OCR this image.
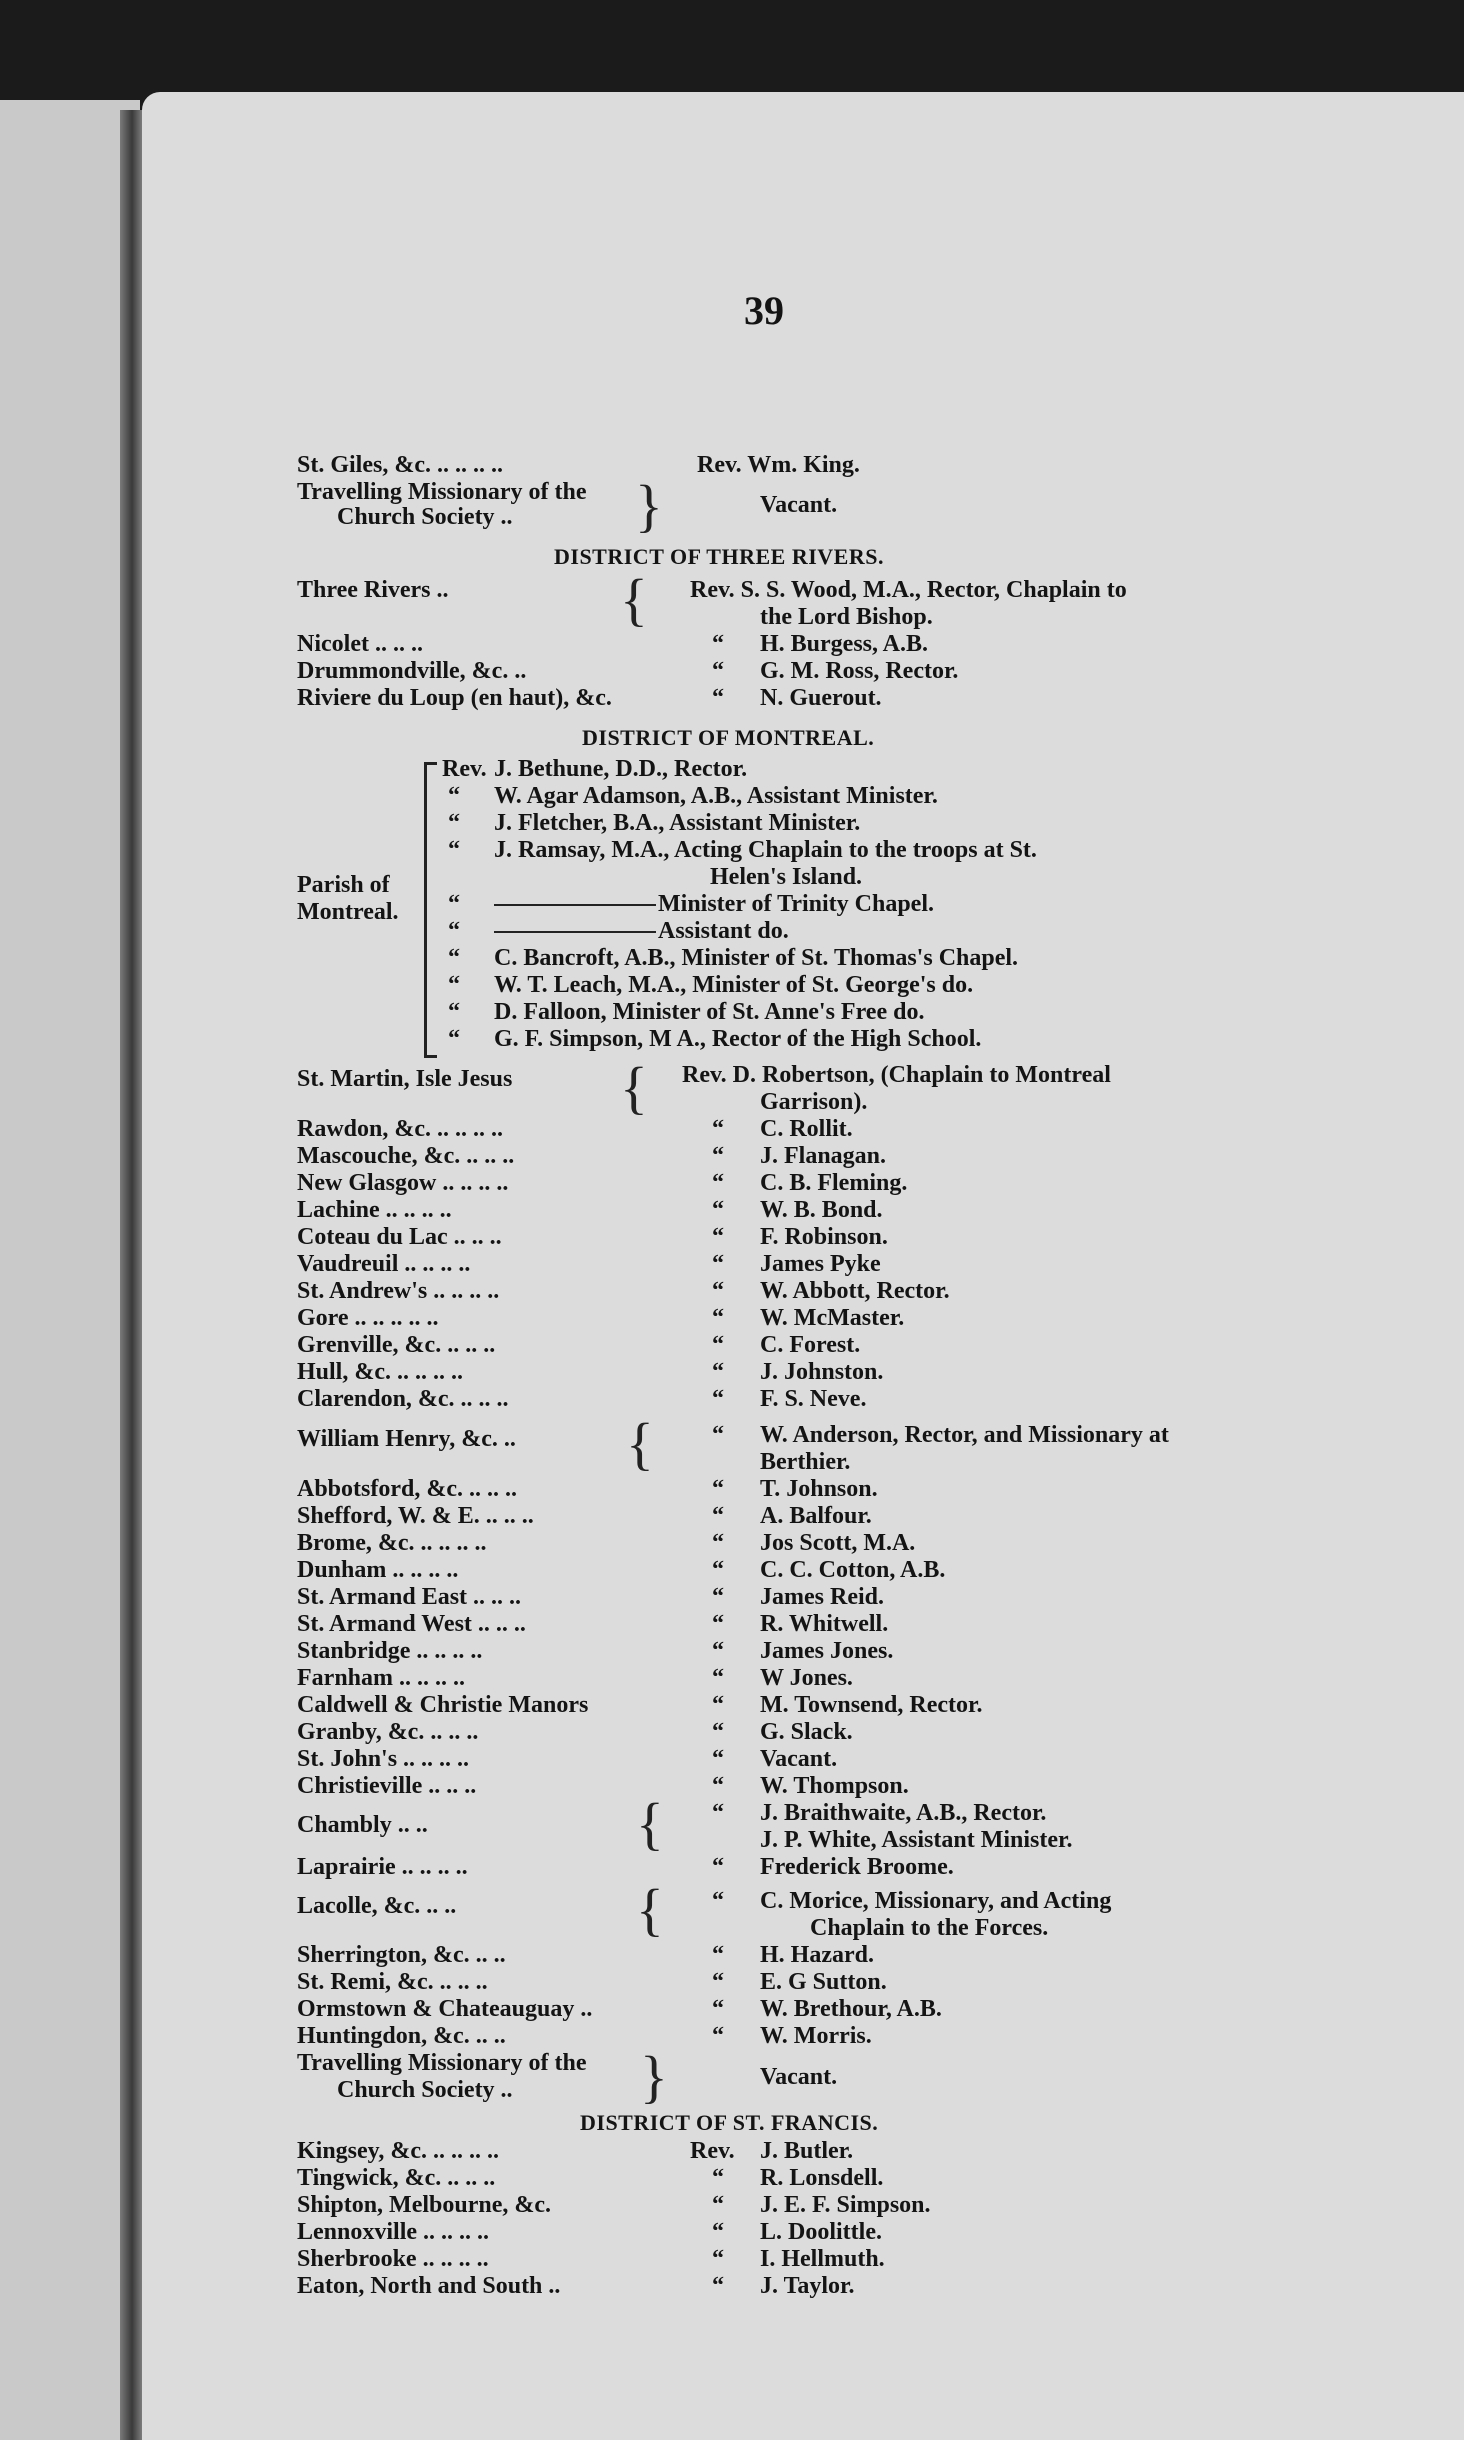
39
St. Giles, &c. .. .. .. ..	Rev. Wm. King.
Travelling Missionary of the
Church Society .. }	Vacant.
DISTRICT OF THREE RIVERS.
Three Rivers ..	{ Rev. S. S. Wood, M.A., Rector, Chaplain to
the Lord Bishop.
Nicolet .. .. ..	“ H. Burgess, A.B.
Drummondville, &c. ..	“ G. M. Ross, Rector.
Riviere du Loup (en haut), &c.	“ N. Guerout.
DISTRICT OF MONTREAL.
Parish of
Montreal.
Rev. J. Bethune, D.D., Rector.
“ W. Agar Adamson, A.B., Assistant Minister.
“ J. Fletcher, B.A., Assistant Minister.
“ J. Ramsay, M.A., Acting Chaplain to the troops at St.
Helen's Island.
“	Minister of Trinity Chapel.
“	Assistant do.
“ C. Bancroft, A.B., Minister of St. Thomas's Chapel.
“ W. T. Leach, M.A., Minister of St. George's do.
“ D. Falloon, Minister of St. Anne's Free do.
“ G. F. Simpson, M A., Rector of the High School.
St. Martin, Isle Jesus { Rev. D. Robertson, (Chaplain to Montreal
Garrison).
Rawdon, &c. .. .. .. ..	“ C. Rollit.
Mascouche, &c. .. .. ..	“ J. Flanagan.
New Glasgow .. .. .. ..	“ C. B. Fleming.
Lachine .. .. .. ..	“ W. B. Bond.
Coteau du Lac .. .. ..	“ F. Robinson.
Vaudreuil .. .. .. ..	“ James Pyke
St. Andrew's .. .. .. ..	“ W. Abbott, Rector.
Gore .. .. .. .. ..	“ W. McMaster.
Grenville, &c. .. .. ..	“ C. Forest.
Hull, &c. .. .. .. ..	“ J. Johnston.
Clarendon, &c. .. .. ..	“ F. S. Neve.
William Henry, &c. .. { “ W. Anderson, Rector, and Missionary at
Berthier.
Abbotsford, &c. .. .. ..	“ T. Johnson.
Shefford, W. & E. .. .. ..	“ A. Balfour.
Brome, &c. .. .. .. ..	“ Jos Scott, M.A.
Dunham .. .. .. ..	“ C. C. Cotton, A.B.
St. Armand East .. .. ..	“ James Reid.
St. Armand West .. .. ..	“ R. Whitwell.
Stanbridge .. .. .. ..	“ James Jones.
Farnham .. .. .. ..	“ W Jones.
Caldwell & Christie Manors	“ M. Townsend, Rector.
Granby, &c. .. .. ..	“ G. Slack.
St. John's .. .. .. ..	“ Vacant.
Christieville .. .. ..	“ W. Thompson.
Chambly .. ..	{ “ J. Braithwaite, A.B., Rector.
J. P. White, Assistant Minister.
Laprairie .. .. .. ..	“ Frederick Broome.
Lacolle, &c. .. ..	{ “ C. Morice, Missionary, and Acting
Chaplain to the Forces.
Sherrington, &c. .. ..	“ H. Hazard.
St. Remi, &c. .. .. ..	“ E. G Sutton.
Ormstown & Chateauguay ..	“ W. Brethour, A.B.
Huntingdon, &c. .. ..	“ W. Morris.
Travelling Missionary of the
Church Society .. }	Vacant.
DISTRICT OF ST. FRANCIS.
Kingsey, &c. .. .. .. ..	Rev. J. Butler.
Tingwick, &c. .. .. ..	“ R. Lonsdell.
Shipton, Melbourne, &c.	“ J. E. F. Simpson.
Lennoxville .. .. .. ..	“ L. Doolittle.
Sherbrooke .. .. .. ..	“ I. Hellmuth.
Eaton, North and South ..	“ J. Taylor.
